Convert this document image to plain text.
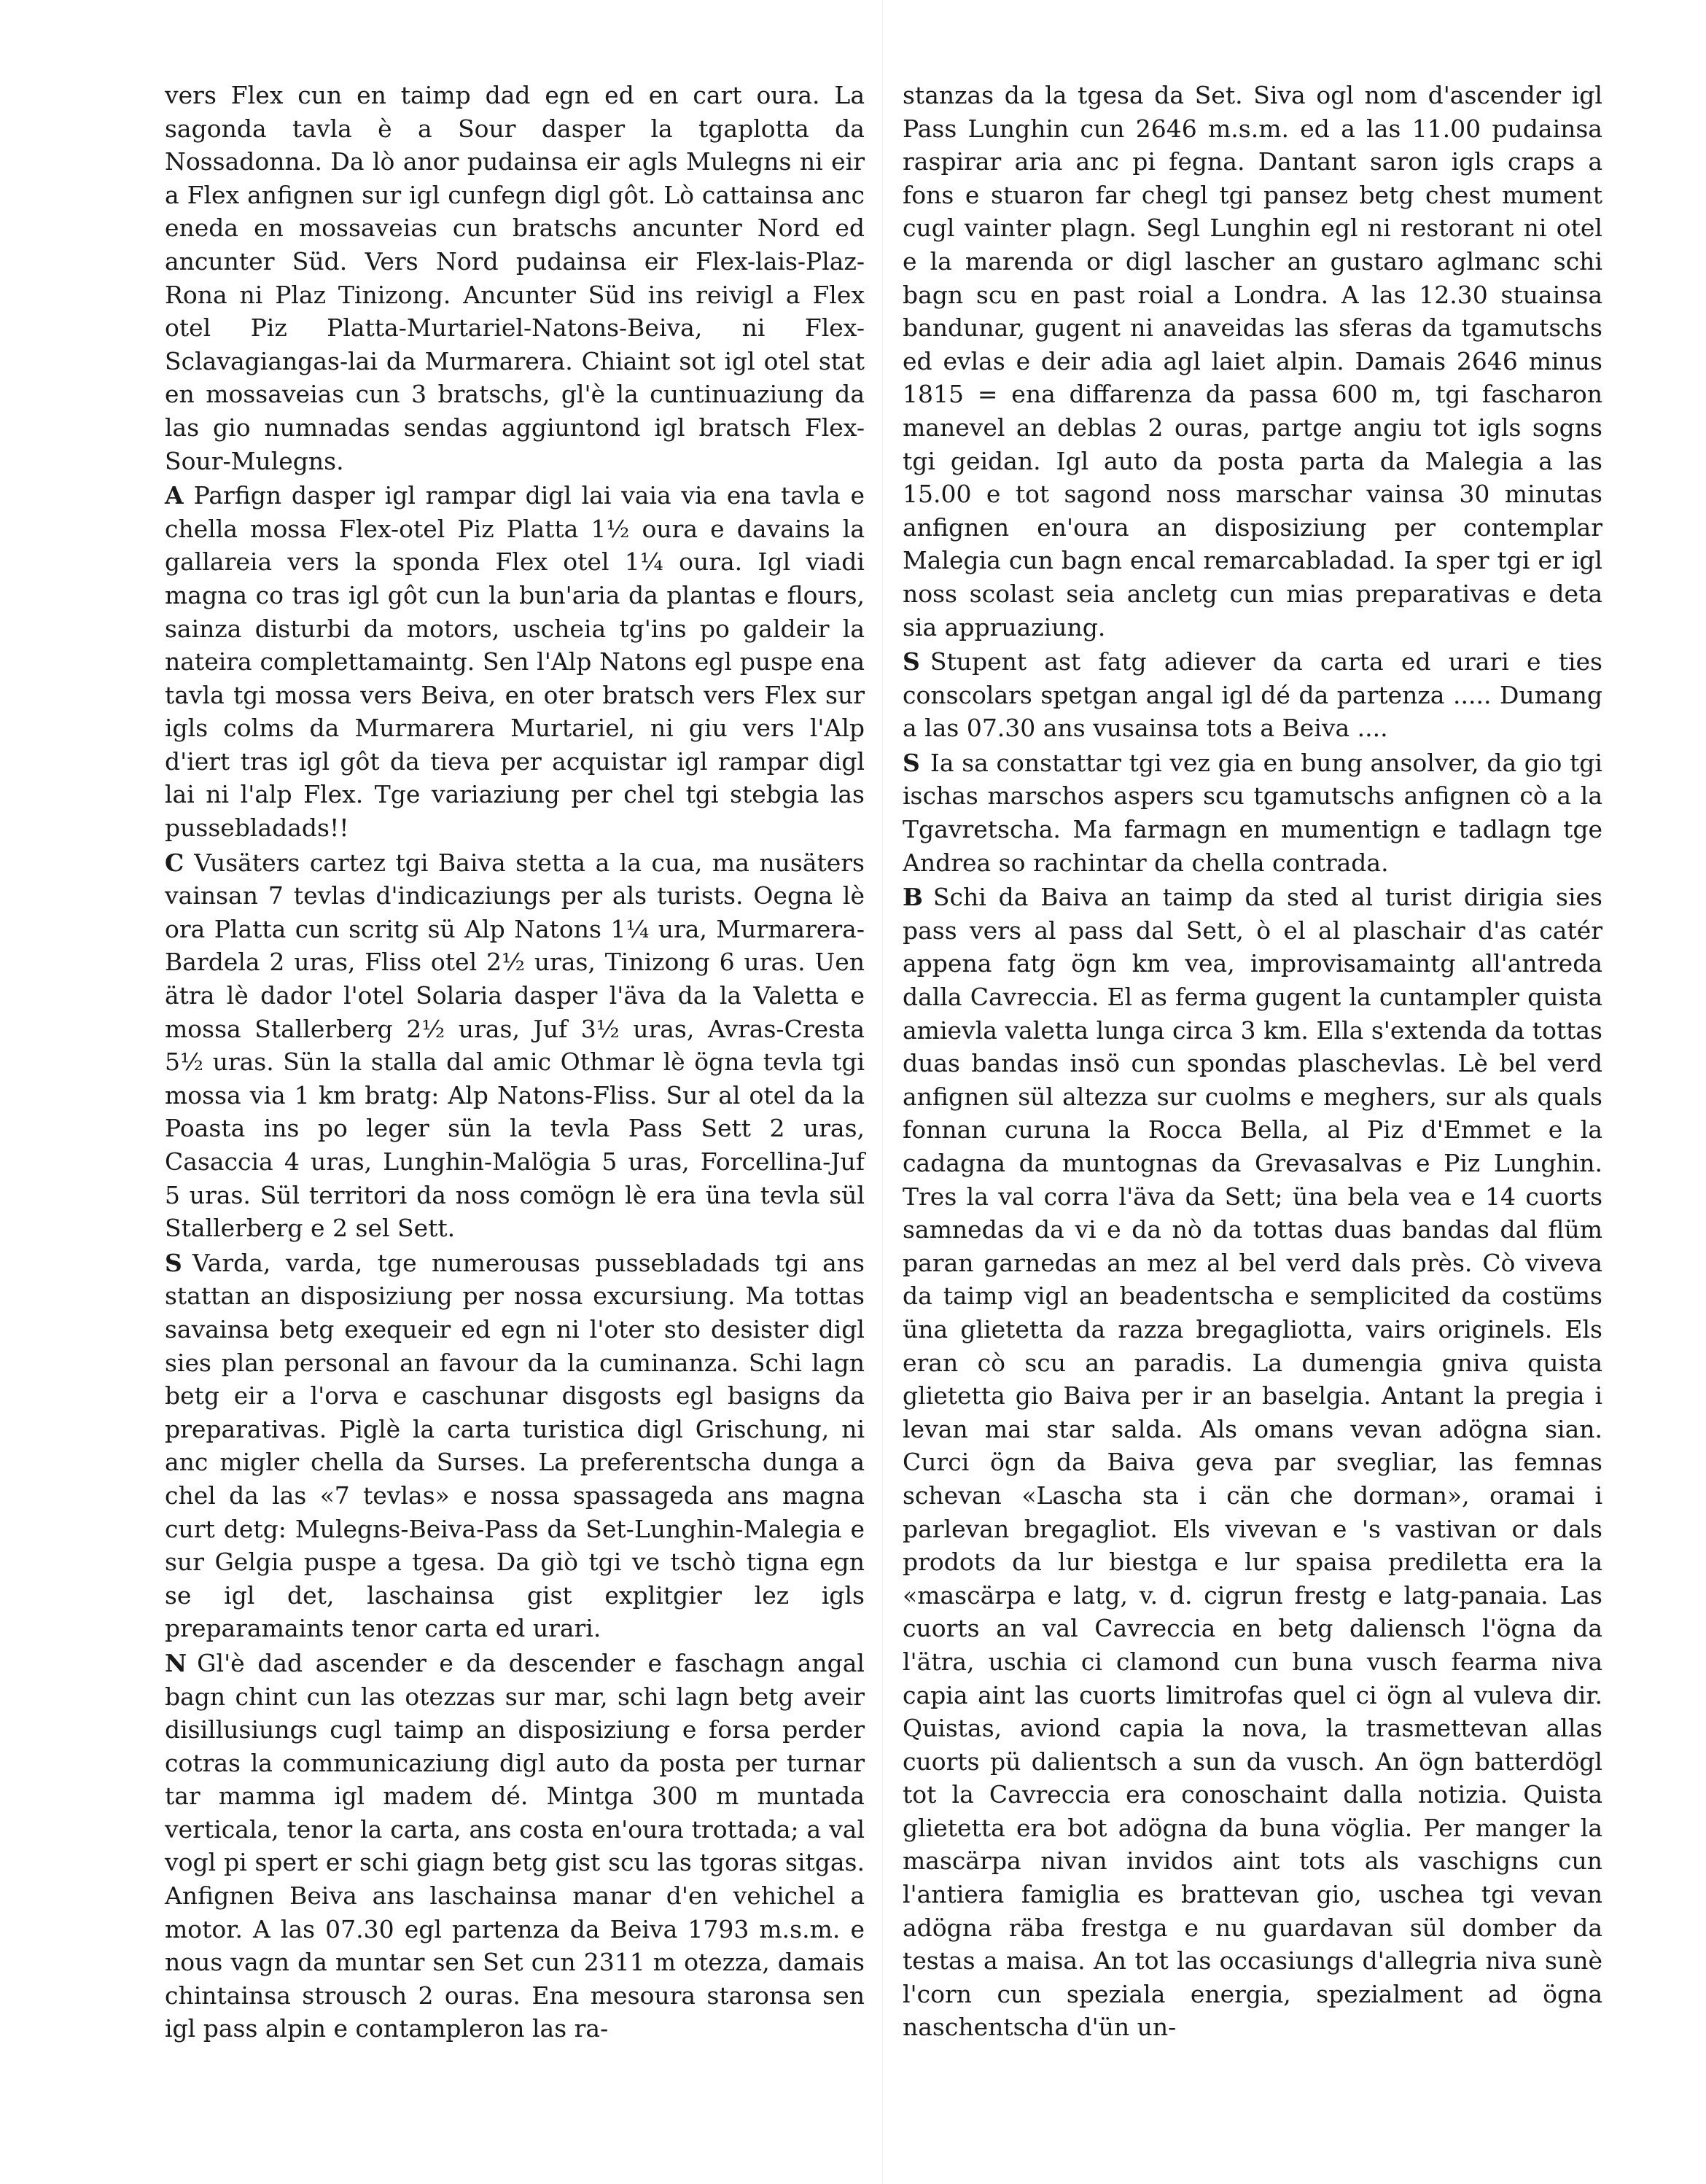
vers Flex cun en taimp dad egn ed en cart oura. La sagonda tavla è a Sour dasper la tgaplotta da Nossadonna. Da lò anor pudainsa eir agls Mulegns ni eir a Flex anfignen sur igl cunfegn digl gôt. Lò cattainsa anc eneda en mossaveias cun bratschs ancunter Nord ed ancunter Süd. Vers Nord pudainsa eir Flex-lais-Plaz-Rona ni Plaz Tinizong. Ancunter Süd ins reivigl a Flex otel Piz Platta-Murtariel-Natons-Beiva, ni Flex-Sclavagiangas-lai da Murmarera. Chiaint sot igl otel stat en mossaveias cun 3 bratschs, gl'è la cuntinuaziung da las gio numnadas sendas aggiuntond igl bratsch Flex-Sour-Mulegns.

A Parfign dasper igl rampar digl lai vaia via ena tavla e chella mossa Flex-otel Piz Platta 1½ oura e davains la gallareia vers la sponda Flex otel 1¼ oura. Igl viadi magna co tras igl gôt cun la bun'aria da plantas e flours, sainza disturbi da motors, uscheia tg'ins po galdeir la nateira complettamaintg. Sen l'Alp Natons egl puspe ena tavla tgi mossa vers Beiva, en oter bratsch vers Flex sur igls colms da Murmarera Murtariel, ni giu vers l'Alp d'iert tras igl gôt da tieva per acquistar igl rampar digl lai ni l'alp Flex. Tge variaziung per chel tgi stebgia las pussebladads!!

C Vusäters cartez tgi Baiva stetta a la cua, ma nusäters vainsan 7 tevlas d'indicaziungs per als turists. Oegna lè ora Platta cun scritg sü Alp Natons 1¼ ura, Murmarera-Bardela 2 uras, Fliss otel 2½ uras, Tinizong 6 uras. Uen ätra lè dador l'otel Solaria dasper l'äva da la Valetta e mossa Stallerberg 2½ uras, Juf 3½ uras, Avras-Cresta 5½ uras. Sün la stalla dal amic Othmar lè ögna tevla tgi mossa via 1 km bratg: Alp Natons-Fliss. Sur al otel da la Poasta ins po leger sün la tevla Pass Sett 2 uras, Casaccia 4 uras, Lunghin-Malögia 5 uras, Forcellina-Juf 5 uras. Sül territori da noss comögn lè era üna tevla sül Stallerberg e 2 sel Sett.

S Varda, varda, tge numerousas pussebladads tgi ans stattan an disposiziung per nossa excursiung. Ma tottas savainsa betg exequeir ed egn ni l'oter sto desister digl sies plan personal an favour da la cuminanza. Schi lagn betg eir a l'orva e caschunar disgosts egl basigns da preparativas. Piglè la carta turistica digl Grischung, ni anc migler chella da Surses. La preferentscha dunga a chel da las «7 tevlas» e nossa spassageda ans magna curt detg: Mulegns-Beiva-Pass da Set-Lunghin-Malegia e sur Gelgia puspe a tgesa. Da giò tgi ve tschò tigna egn se igl det, laschainsa gist explitgier lez igls preparamaints tenor carta ed urari.

N Gl'è dad ascender e da descender e faschagn angal bagn chint cun las otezzas sur mar, schi lagn betg aveir disillusiungs cugl taimp an disposiziung e forsa perder cotras la communicaziung digl auto da posta per turnar tar mamma igl madem dé. Mintga 300 m muntada verticala, tenor la carta, ans costa en'oura trottada; a val vogl pi spert er schi giagn betg gist scu las tgoras sitgas. Anfignen Beiva ans laschainsa manar d'en vehichel a motor. A las 07.30 egl partenza da Beiva 1793 m.s.m. e nous vagn da muntar sen Set cun 2311 m otezza, damais chintainsa strousch 2 ouras. Ena mesoura staronsa sen igl pass alpin e contampleron las ra-

stanzas da la tgesa da Set. Siva ogl nom d'ascender igl Pass Lunghin cun 2646 m.s.m. ed a las 11.00 pudainsa raspirar aria anc pi fegna. Dantant saron igls craps a fons e stuaron far chegl tgi pansez betg chest mument cugl vainter plagn. Segl Lunghin egl ni restorant ni otel e la marenda or digl lascher an gustaro aglmanc schi bagn scu en past roial a Londra. A las 12.30 stuainsa bandunar, gugent ni anaveidas las sferas da tgamutschs ed evlas e deir adia agl laiet alpin. Damais 2646 minus 1815 = ena diffarenza da passa 600 m, tgi fascharon manevel an deblas 2 ouras, partge angiu tot igls sogns tgi geidan. Igl auto da posta parta da Malegia a las 15.00 e tot sagond noss marschar vainsa 30 minutas anfignen en'oura an disposiziung per contemplar Malegia cun bagn encal remarcabladad. Ia sper tgi er igl noss scolast seia ancletg cun mias preparativas e deta sia appruaziung.

S Stupent ast fatg adiever da carta ed urari e ties conscolars spetgan angal igl dé da partenza ..... Dumang a las 07.30 ans vusainsa tots a Beiva ....

S Ia sa constattar tgi vez gia en bung ansolver, da gio tgi ischas marschos aspers scu tgamutschs anfignen cò a la Tgavretscha. Ma farmagn en mumentign e tadlagn tge Andrea so rachintar da chella contrada.

B Schi da Baiva an taimp da sted al turist dirigia sies pass vers al pass dal Sett, ò el al plaschair d'as catér appena fatg ögn km vea, improvisamaintg all'antreda dalla Cavreccia. El as ferma gugent la cuntampler quista amievla valetta lunga circa 3 km. Ella s'extenda da tottas duas bandas insö cun spondas plaschevlas. Lè bel verd anfignen sül altezza sur cuolms e meghers, sur als quals fonnan curuna la Rocca Bella, al Piz d'Emmet e la cadagna da muntognas da Grevasalvas e Piz Lunghin. Tres la val corra l'äva da Sett; üna bela vea e 14 cuorts samnedas da vi e da nò da tottas duas bandas dal flüm paran garnedas an mez al bel verd dals près. Cò viveva da taimp vigl an beadentscha e semplicited da costüms üna glietetta da razza bregagliotta, vairs originels. Els eran cò scu an paradis. La dumengia gniva quista glietetta gio Baiva per ir an baselgia. Antant la pregia i levan mai star salda. Als omans vevan adögna sian. Curci ögn da Baiva geva par svegliar, las femnas schevan «Lascha sta i cän che dorman», oramai i parlevan bregagliot. Els vivevan e 's vastivan or dals prodots da lur biestga e lur spaisa prediletta era la «mascärpa e latg, v. d. cigrun frestg e latg-panaia. Las cuorts an val Cavreccia en betg daliensch l'ögna da l'ätra, uschia ci clamond cun buna vusch fearma niva capia aint las cuorts limitrofas quel ci ögn al vuleva dir. Quistas, aviond capia la nova, la trasmettevan allas cuorts pü dalientsch a sun da vusch. An ögn batterdögl tot la Cavreccia era conoschaint dalla notizia. Quista glietetta era bot adögna da buna vöglia. Per manger la mascärpa nivan invidos aint tots als vaschigns cun l'antiera famiglia es brattevan gio, uschea tgi vevan adögna räba frestga e nu guardavan sül domber da testas a maisa. An tot las occasiungs d'allegria niva sunè l'corn cun speziala energia, spezialment ad ögna naschentscha d'ün un-
